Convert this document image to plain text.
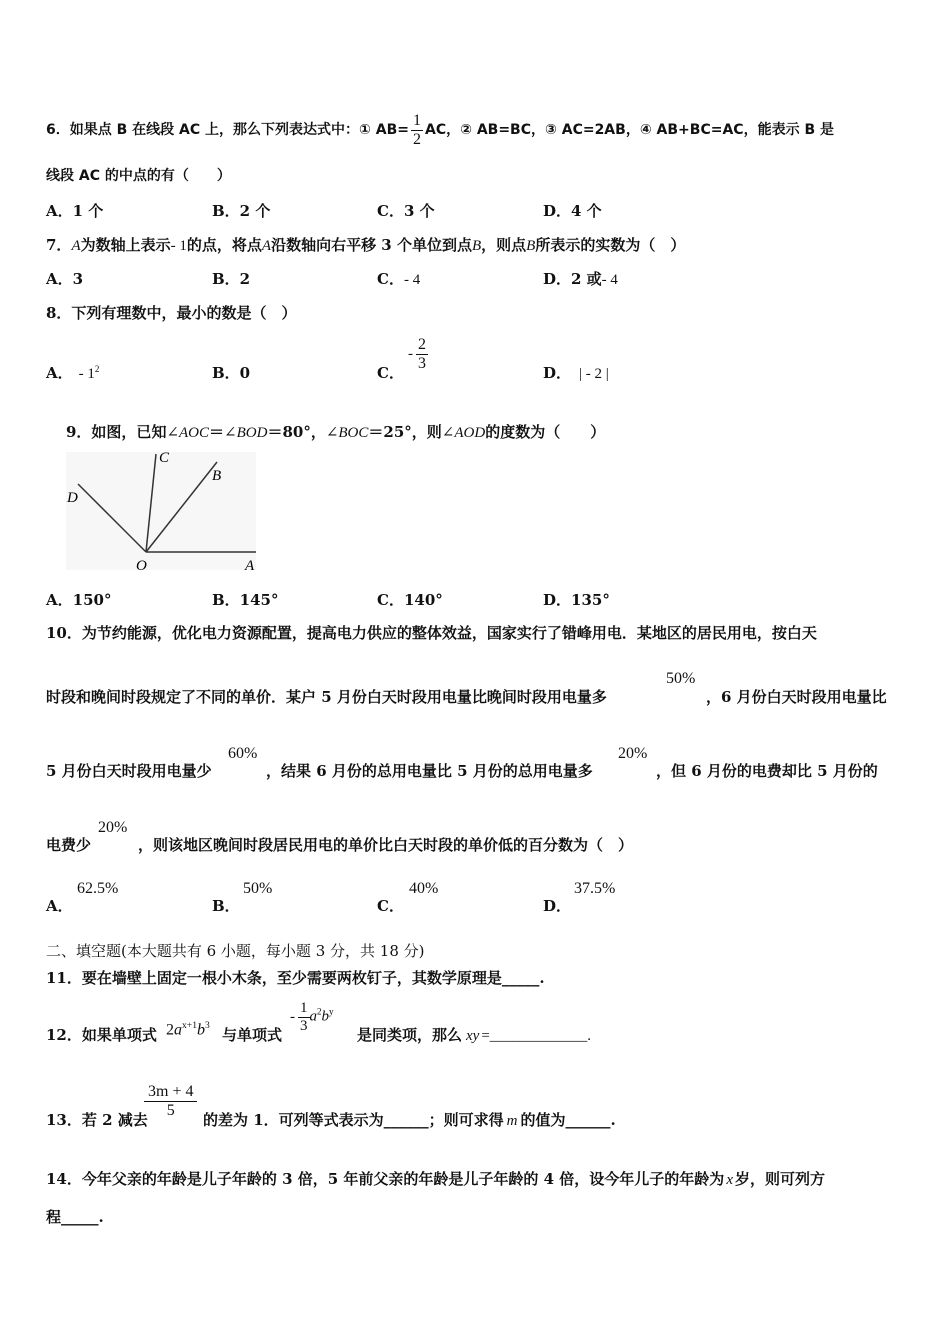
6．如果点 B 在线段 AC 上，那么下列表达式中：① $AB= \frac{1}{2}$ AC，② AB=BC，③ AC=2AB，④ AB+BC=AC，能表示 B 是
线段 AC 的中点的有（　　）
A．1 个	B．2 个	C．3 个	D．4 个
7．A为数轴上表示- 1的点，将点A沿数轴向右平移 3 个单位到点B，则点B所表示的实数为（　）
A．3	B．2	C．- 4	D．2 或- 4
8．下列有理数中，最小的数是（　）
A． - $1^2$	B．0	C．
- $\frac{2}{3}$
D． | - 2 |
9．如图，已知∠AOC＝∠BOD＝80°，∠BOC＝25°，则∠AOD的度数为（　　）
C
B
D
O	A
A．150°	B．145°	C．140°	D．135°
10．为节约能源，优化电力资源配置，提高电力供应的整体效益，国家实行了错峰用电．某地区的居民用电，按白天
时段和晚间时段规定了不同的单价．某户 5 月份白天时段用电量比晚间时段用电量多
50%
，6 月份白天时段用电量比
5 月份白天时段用电量少
60%
，结果 6 月份的总用电量比 5 月份的总用电量多
20%
，但 6 月份的电费却比 5 月份的
电费少
20%
，则该地区晚间时段居民用电的单价比白天时段的单价低的百分数为（　）
A．
62.5%
B．
50%
C．
40%
D．
37.5%
二、填空题(本大题共有 6 小题，每小题 3 分，共 18 分)
11．要在墙壁上固定一根小木条，至少需要两枚钉子，其数学原理是_____.
12．如果单项式 $2a^{x+1}b^3$
与单项式
- $\frac{1}{3} a^2b^y$
是同类项，那么 xy =_____________.
13．若 2 减去
$\frac{3m + 4}{5}$
的差为 1．可列等式表示为______；则可求得 m 的值为______.
14．今年父亲的年龄是儿子年龄的 3 倍，5 年前父亲的年龄是儿子年龄的 4 倍，设今年儿子的年龄为 x 岁，则可列方
程_____.
